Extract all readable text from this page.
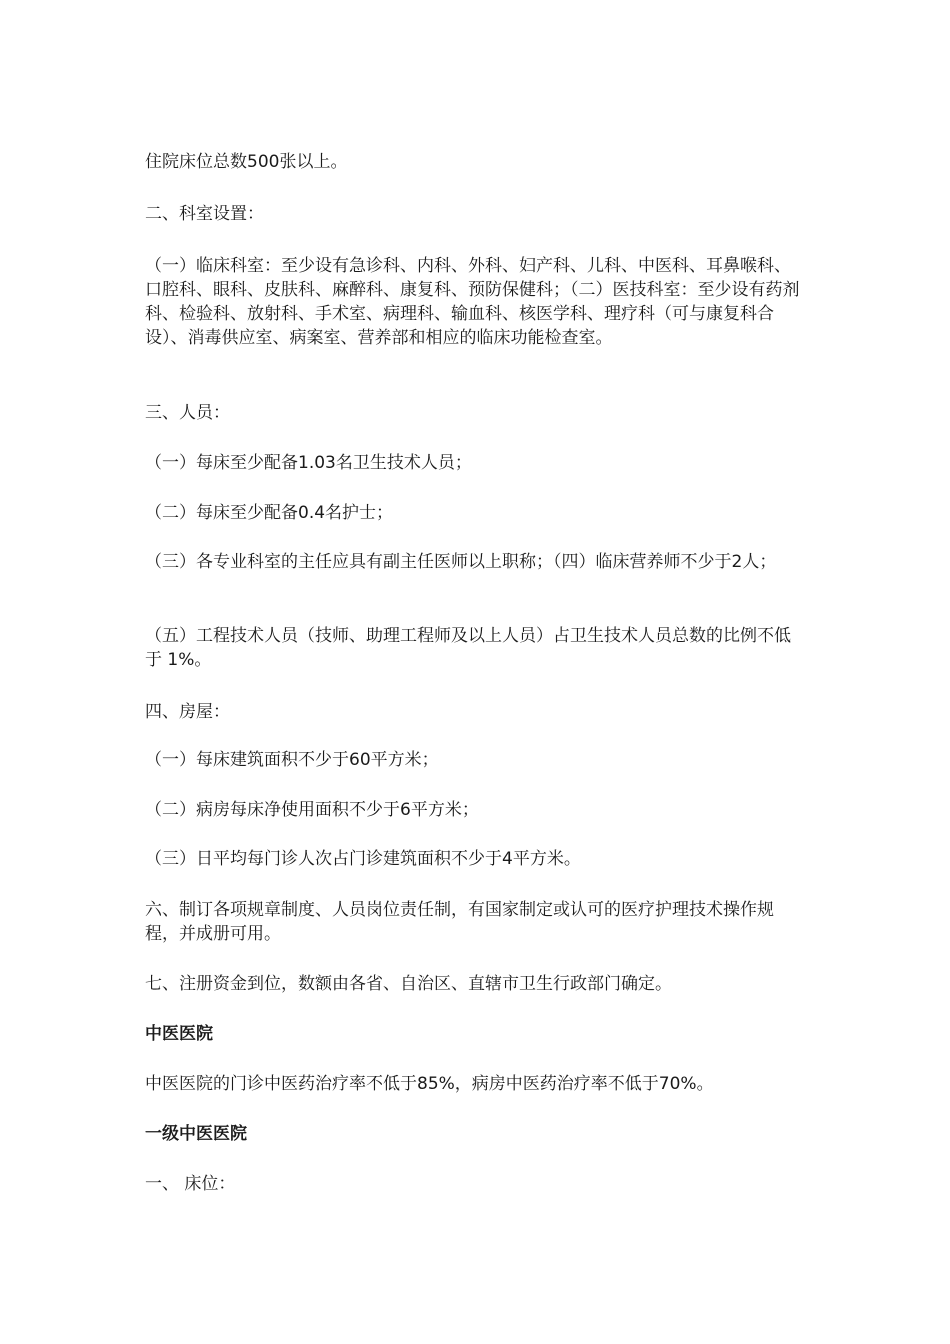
住院床位总数500张以上。

二、科室设置：

（一）临床科室：至少设有急诊科、内科、外科、妇产科、儿科、中医科、耳鼻喉科、口腔科、眼科、皮肤科、麻醉科、康复科、预防保健科；（二）医技科室：至少设有药剂科、检验科、放射科、手术室、病理科、输血科、核医学科、理疗科（可与康复科合设）、消毒供应室、病案室、营养部和相应的临床功能检查室。

三、人员：

（一）每床至少配备1.03名卫生技术人员；

（二）每床至少配备0.4名护士；

（三）各专业科室的主任应具有副主任医师以上职称；（四）临床营养师不少于2人；

（五）工程技术人员（技师、助理工程师及以上人员）占卫生技术人员总数的比例不低于 1%。

四、房屋：

（一）每床建筑面积不少于60平方米；

（二）病房每床净使用面积不少于6平方米；

（三）日平均每门诊人次占门诊建筑面积不少于4平方米。

六、制订各项规章制度、人员岗位责任制，有国家制定或认可的医疗护理技术操作规程，并成册可用。

七、注册资金到位，数额由各省、自治区、直辖市卫生行政部门确定。

中医医院

中医医院的门诊中医药治疗率不低于85%，病房中医药治疗率不低于70%。

一级中医医院

一、 床位：
